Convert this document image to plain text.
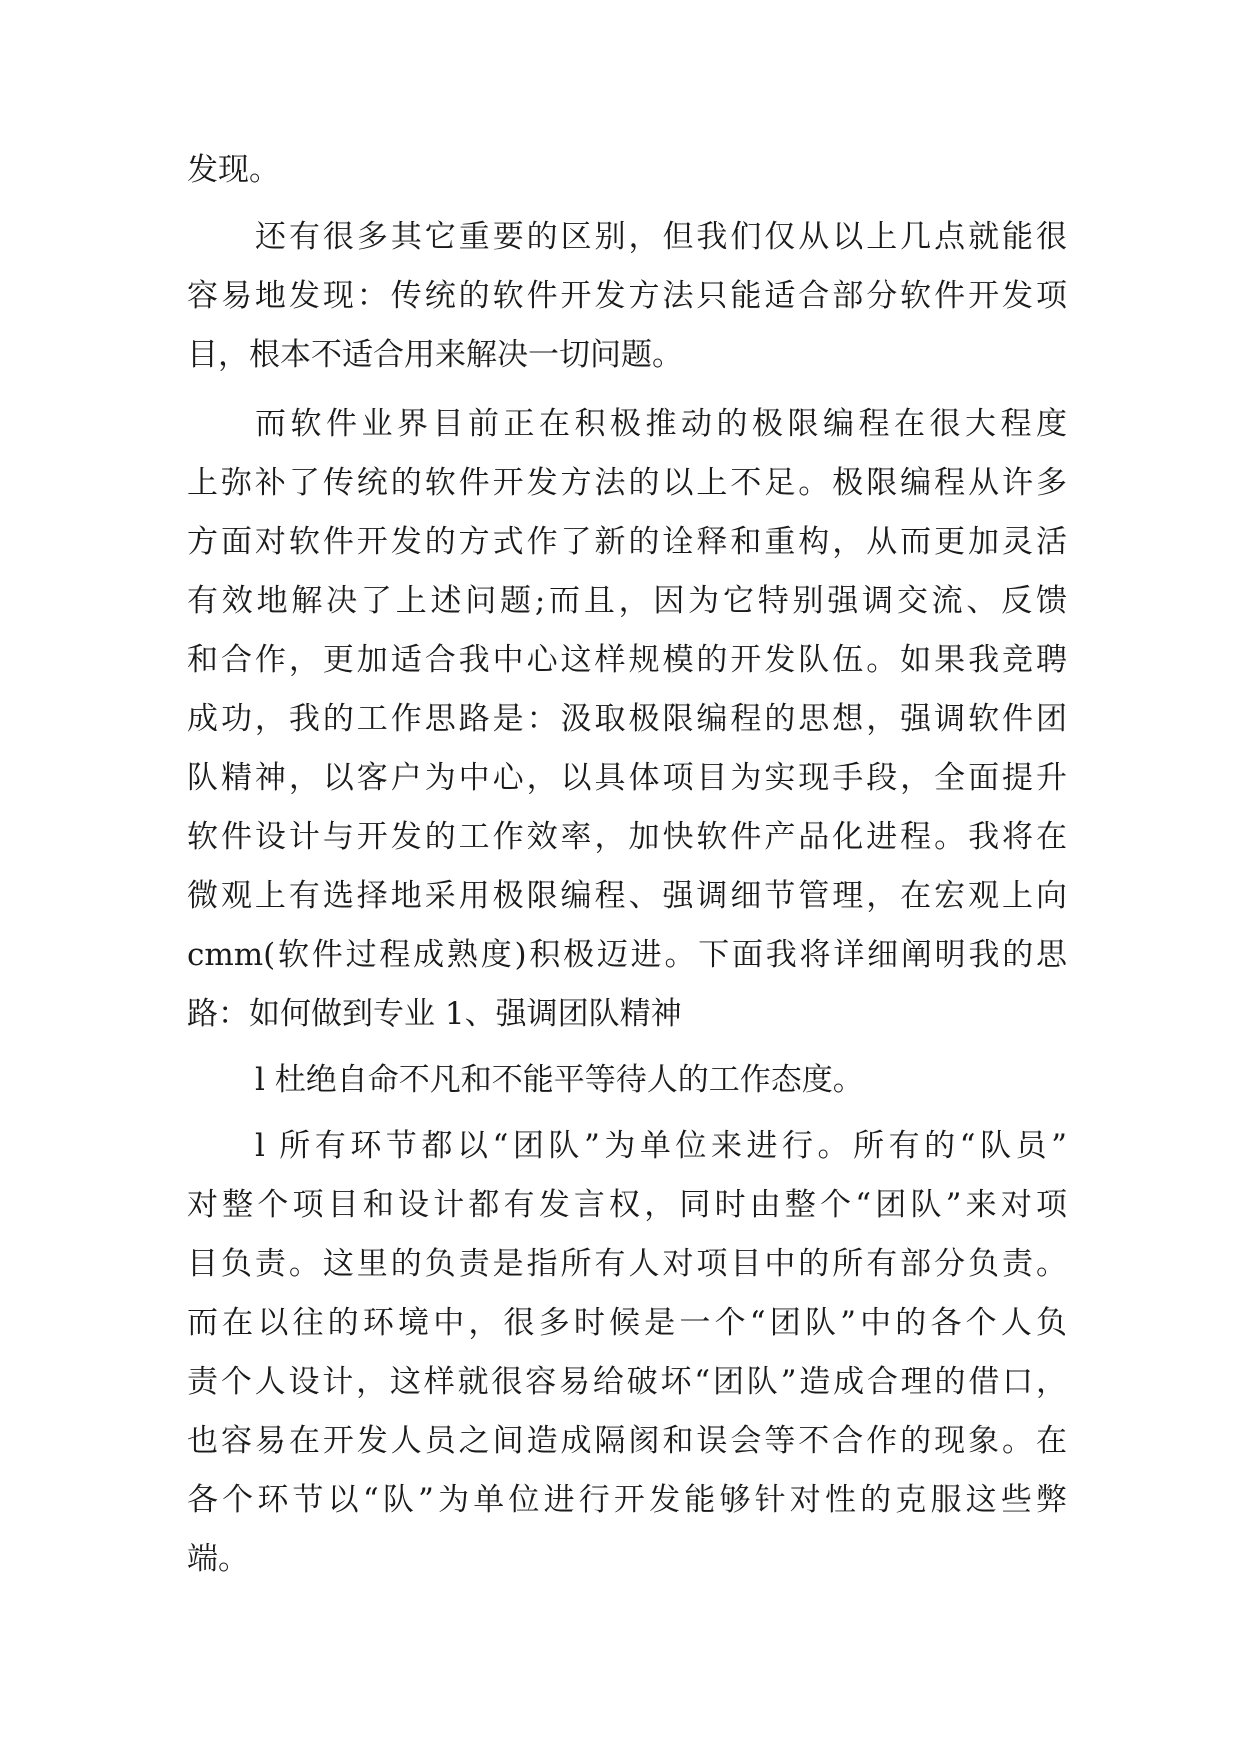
发现。
还有很多其它重要的区别，但我们仅从以上几点就能很
容易地发现：传统的软件开发方法只能适合部分软件开发项
目，根本不适合用来解决一切问题。
而软件业界目前正在积极推动的极限编程在很大程度
上弥补了传统的软件开发方法的以上不足。极限编程从许多
方面对软件开发的方式作了新的诠释和重构，从而更加灵活
有效地解决了上述问题;而且，因为它特别强调交流、反馈
和合作，更加适合我中心这样规模的开发队伍。如果我竞聘
成功，我的工作思路是：汲取极限编程的思想，强调软件团
队精神，以客户为中心，以具体项目为实现手段，全面提升
软件设计与开发的工作效率，加快软件产品化进程。我将在
微观上有选择地采用极限编程、强调细节管理，在宏观上向
cmm(软件过程成熟度)积极迈进。下面我将详细阐明我的思
路：如何做到专业 1、强调团队精神
l 杜绝自命不凡和不能平等待人的工作态度。
l 所有环节都以“团队”为单位来进行。所有的“队员”
对整个项目和设计都有发言权，同时由整个“团队”来对项
目负责。这里的负责是指所有人对项目中的所有部分负责。
而在以往的环境中，很多时候是一个“团队”中的各个人负
责个人设计，这样就很容易给破坏“团队”造成合理的借口，
也容易在开发人员之间造成隔阂和误会等不合作的现象。在
各个环节以“队”为单位进行开发能够针对性的克服这些弊
端。
